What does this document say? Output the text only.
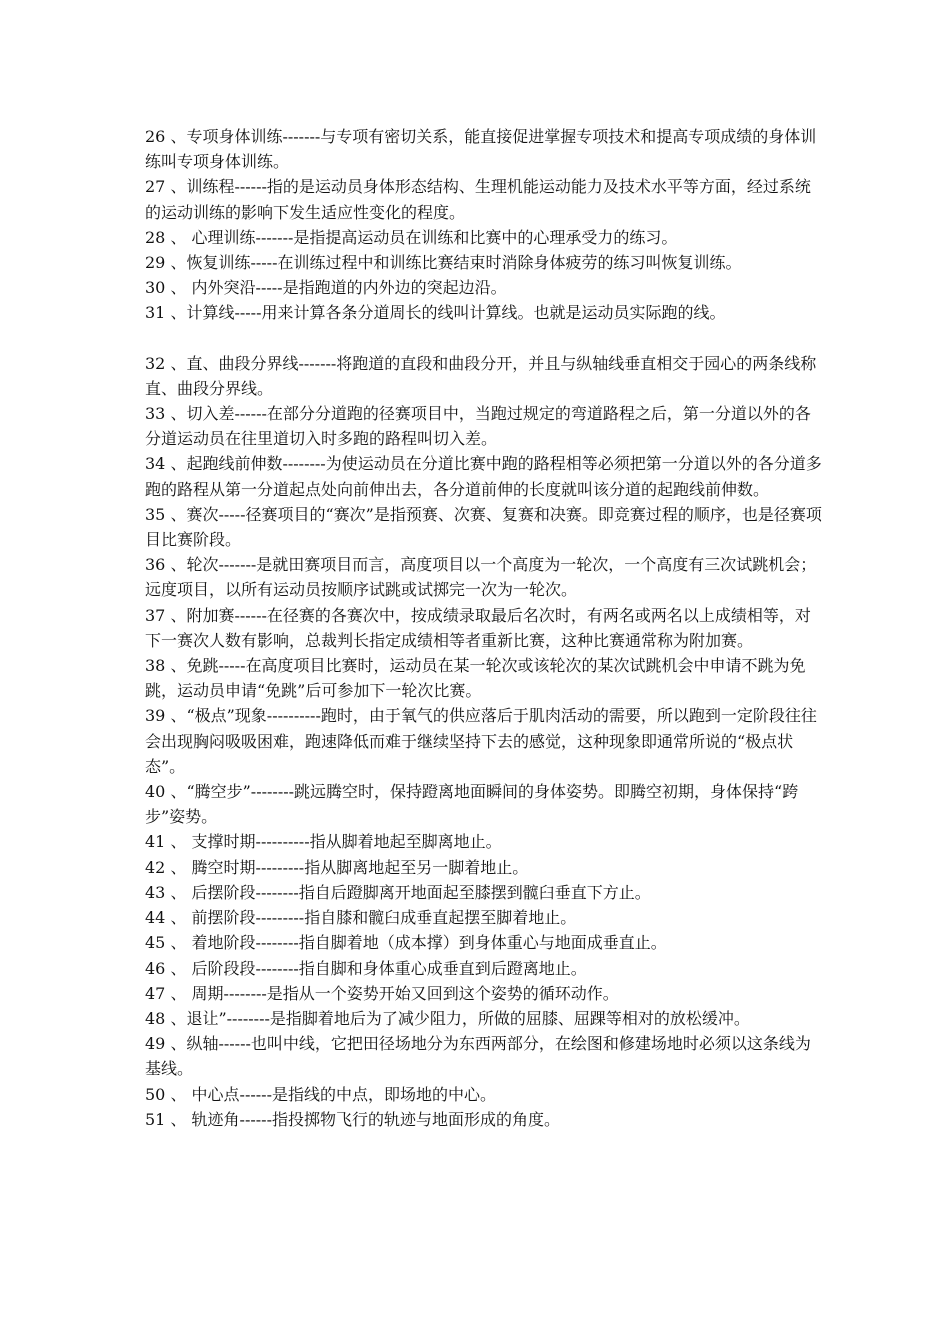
26 、专项身体训练-------与专项有密切关系，能直接促进掌握专项技术和提高专项成绩的身体训练叫专项身体训练。

27 、训练程------指的是运动员身体形态结构、生理机能运动能力及技术水平等方面，经过系统的运动训练的影响下发生适应性变化的程度。

28 、 心理训练-------是指提高运动员在训练和比赛中的心理承受力的练习。

29 、恢复训练-----在训练过程中和训练比赛结束时消除身体疲劳的练习叫恢复训练。

30 、 内外突沿-----是指跑道的内外边的突起边沿。

31 、计算线-----用来计算各条分道周长的线叫计算线。也就是运动员实际跑的线。

32 、直、曲段分界线-------将跑道的直段和曲段分开，并且与纵轴线垂直相交于园心的两条线称直、曲段分界线。

33 、切入差------在部分分道跑的径赛项目中，当跑过规定的弯道路程之后，第一分道以外的各分道运动员在往里道切入时多跑的路程叫切入差。

34 、起跑线前伸数--------为使运动员在分道比赛中跑的路程相等必须把第一分道以外的各分道多跑的路程从第一分道起点处向前伸出去，各分道前伸的长度就叫该分道的起跑线前伸数。

35 、赛次-----径赛项目的“赛次”是指预赛、次赛、复赛和决赛。即竞赛过程的顺序，也是径赛项目比赛阶段。

36 、轮次-------是就田赛项目而言，高度项目以一个高度为一轮次，一个高度有三次试跳机会；远度项目，以所有运动员按顺序试跳或试掷完一次为一轮次。

37 、附加赛------在径赛的各赛次中，按成绩录取最后名次时，有两名或两名以上成绩相等，对下一赛次人数有影响，总裁判长指定成绩相等者重新比赛，这种比赛通常称为附加赛。

38 、免跳-----在高度项目比赛时，运动员在某一轮次或该轮次的某次试跳机会中申请不跳为免跳，运动员申请“免跳”后可参加下一轮次比赛。

39 、“极点”现象----------跑时，由于氧气的供应落后于肌肉活动的需要，所以跑到一定阶段往往会出现胸闷吸吸困难，跑速降低而难于继续坚持下去的感觉，这种现象即通常所说的“极点状态”。

40 、“腾空步”--------跳远腾空时，保持蹬离地面瞬间的身体姿势。即腾空初期，身体保持“跨步”姿势。

41 、 支撑时期----------指从脚着地起至脚离地止。

42 、 腾空时期---------指从脚离地起至另一脚着地止。

43 、 后摆阶段--------指自后蹬脚离开地面起至膝摆到髋臼垂直下方止。

44 、 前摆阶段---------指自膝和髋臼成垂直起摆至脚着地止。

45 、 着地阶段--------指自脚着地（成本撑）到身体重心与地面成垂直止。

46 、 后阶段段--------指自脚和身体重心成垂直到后蹬离地止。

47 、 周期--------是指从一个姿势开始又回到这个姿势的循环动作。

48 、退让”--------是指脚着地后为了减少阻力，所做的屈膝、屈踝等相对的放松缓冲。

49 、纵轴------也叫中线，它把田径场地分为东西两部分，在绘图和修建场地时必须以这条线为基线。

50 、 中心点------是指线的中点，即场地的中心。

51 、 轨迹角------指投掷物飞行的轨迹与地面形成的角度。
